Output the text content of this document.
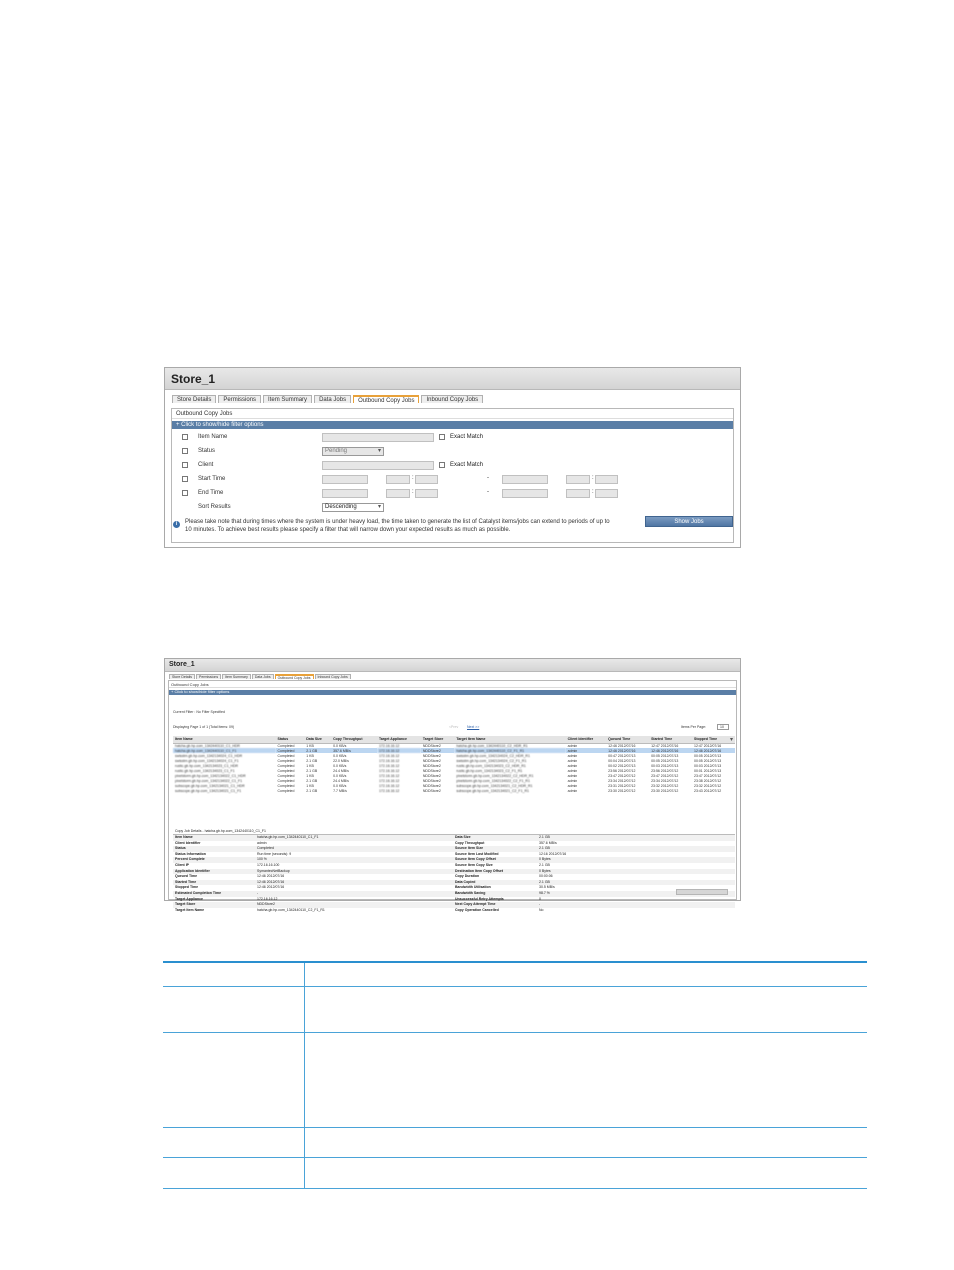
Store_1
Store Details	Permissions	Item Summary	Data Jobs	Outbound Copy Jobs	Inbound Copy Jobs
Outbound Copy Jobs
+ Click to show/hide filter options
Item Name	Exact Match
Status	Pending ▾
Client	Exact Match
Start Time	:	-	:
End Time	:	-	:
Sort Results	Descending ▾
i	Please take note that during times where the system is under heavy load, the time taken to generate the list of Catalyst items/jobs can extend to periods of up to
10 minutes. To achieve best results please specify a filter that will narrow down your expected results as much as possible.
Show Jobs
Store_1
Store Details	Permissions	Item Summary	Data Jobs	Outbound Copy Jobs	Inbound Copy Jobs
Outbound Copy Jobs
+ Click to show/hide filter options
Current Filter : No Filter Specified
Displaying Page 1 of 1 (Total Items: 09)	<Prev	Next >>	Items Per Page:	10
Item Name	Status	Data Size	Copy Throughput	Target Appliance	Target Store	Target Item Name	Client Identifier	Queued Time	Started Time	Stopped Time
hatcha.gb.hp.com_1342440110_C1_HDR	Completed	1 KB	0.0 KB/s	172.16.16.12	NDDStore2	hatcha.gb.hp.com_1342440110_C2_HDR_R1	admin	12:46 2012/07/16	12:47 2012/07/16	12:47 2012/07/16
hatcha.gb.hp.com_1342440110_C1_F1	Completed	2.1 GB	357.6 MB/s	172.16.16.12	NDDStore2	hatcha.gb.hp.com_1342440110_C2_F1_R1	admin	12:46 2012/07/16	12:46 2012/07/16	12:46 2012/07/16	▾
swisstm.gb.hp.com_1342134024_C1_HDR	Completed	1 KB	0.0 KB/s	172.16.16.12	NDDStore2	swisstm.gb.hp.com_1342134024_C2_HDR_R1	admin	00:47 2012/07/13	00:05 2012/07/13	00:05 2012/07/13
swisstm.gb.hp.com_1342134024_C1_F1	Completed	2.1 GB	22.0 MB/s	172.16.16.12	NDDStore2	swisstm.gb.hp.com_1342134024_C2_F1_R1	admin	00:04 2012/07/13	00:05 2012/07/13	00:05 2012/07/13
rustic.gb.hp.com_1342134023_C1_HDR	Completed	1 KB	0.0 KB/s	172.16.16.12	NDDStore2	rustic.gb.hp.com_1342134023_C2_HDR_R1	admin	00:02 2012/07/13	00:03 2012/07/13	00:03 2012/07/13
rustic.gb.hp.com_1342134023_C1_F1	Completed	2.1 GB	24.4 MB/s	172.16.16.12	NDDStore2	rustic.gb.hp.com_1342134023_C2_F1_R1	admin	23:56 2012/07/12	23:56 2012/07/12	00:01 2012/07/13
pixelstorm.gb.hp.com_1342134022_C1_HDR	Completed	1 KB	0.0 KB/s	172.16.16.12	NDDStore2	pixelstorm.gb.hp.com_1342134022_C2_HDR_R1	admin	23:47 2012/07/12	23:47 2012/07/12	23:47 2012/07/12
pixelstorm.gb.hp.com_1342134022_C1_F1	Completed	2.1 GB	24.4 MB/s	172.16.16.12	NDDStore2	pixelstorm.gb.hp.com_1342134022_C2_F1_R1	admin	23:34 2012/07/12	23:34 2012/07/12	23:38 2012/07/12
subscope.gb.hp.com_1342134021_C1_HDR	Completed	1 KB	0.0 KB/s	172.16.16.12	NDDStore2	subscope.gb.hp.com_1342134021_C2_HDR_R1	admin	23:31 2012/07/12	23:32 2012/07/12	23:32 2012/07/12
subscope.gb.hp.com_1342134021_C1_F1	Completed	2.1 GB	7.7 MB/s	172.16.16.12	NDDStore2	subscope.gb.hp.com_1342134021_C2_F1_R1	admin	23:30 2012/07/12	23:30 2012/07/12	23:43 2012/07/12
Copy Job Details - hatcha.gb.hp.com_1342440110_C1_F1
Item Name	hatcha.gb.hp.com_1342440110_C1_F1	Data Size	2.1 GB
Client Identifier	admin	Copy Throughput	357.6 MB/s
Status	Completed	Source Item Size	2.1 GB
Status Information	Run time (seconds): 9	Source Item Last Modified	12:16 2012/07/16
Percent Complete	100 %	Source Item Copy Offset	0 Bytes
Client IP	172.16.16.100	Source Item Copy Size	2.1 GB
Application Identifier	SymantecNetBackup	Destination Item Copy Offset	0 Bytes
Queued Time	12:46 2012/07/16	Copy Duration	00:00:06
Started Time	12:46 2012/07/16	Data Copied	2.1 GB
Stopped Time	12:46 2012/07/16	Bandwidth Utilisation	30.5 MB/s
Estimated Completion Time	-	Bandwidth Saving	98.7 %
Target Appliance	172.16.16.12	Unsuccessful Retry Attempts	0
Target Store	NDDStore2	Next Copy Attempt Time	-
Target Item Name	hatcha.gb.hp.com_1342440110_C2_F1_R1	Copy Operation Cancelled	No
